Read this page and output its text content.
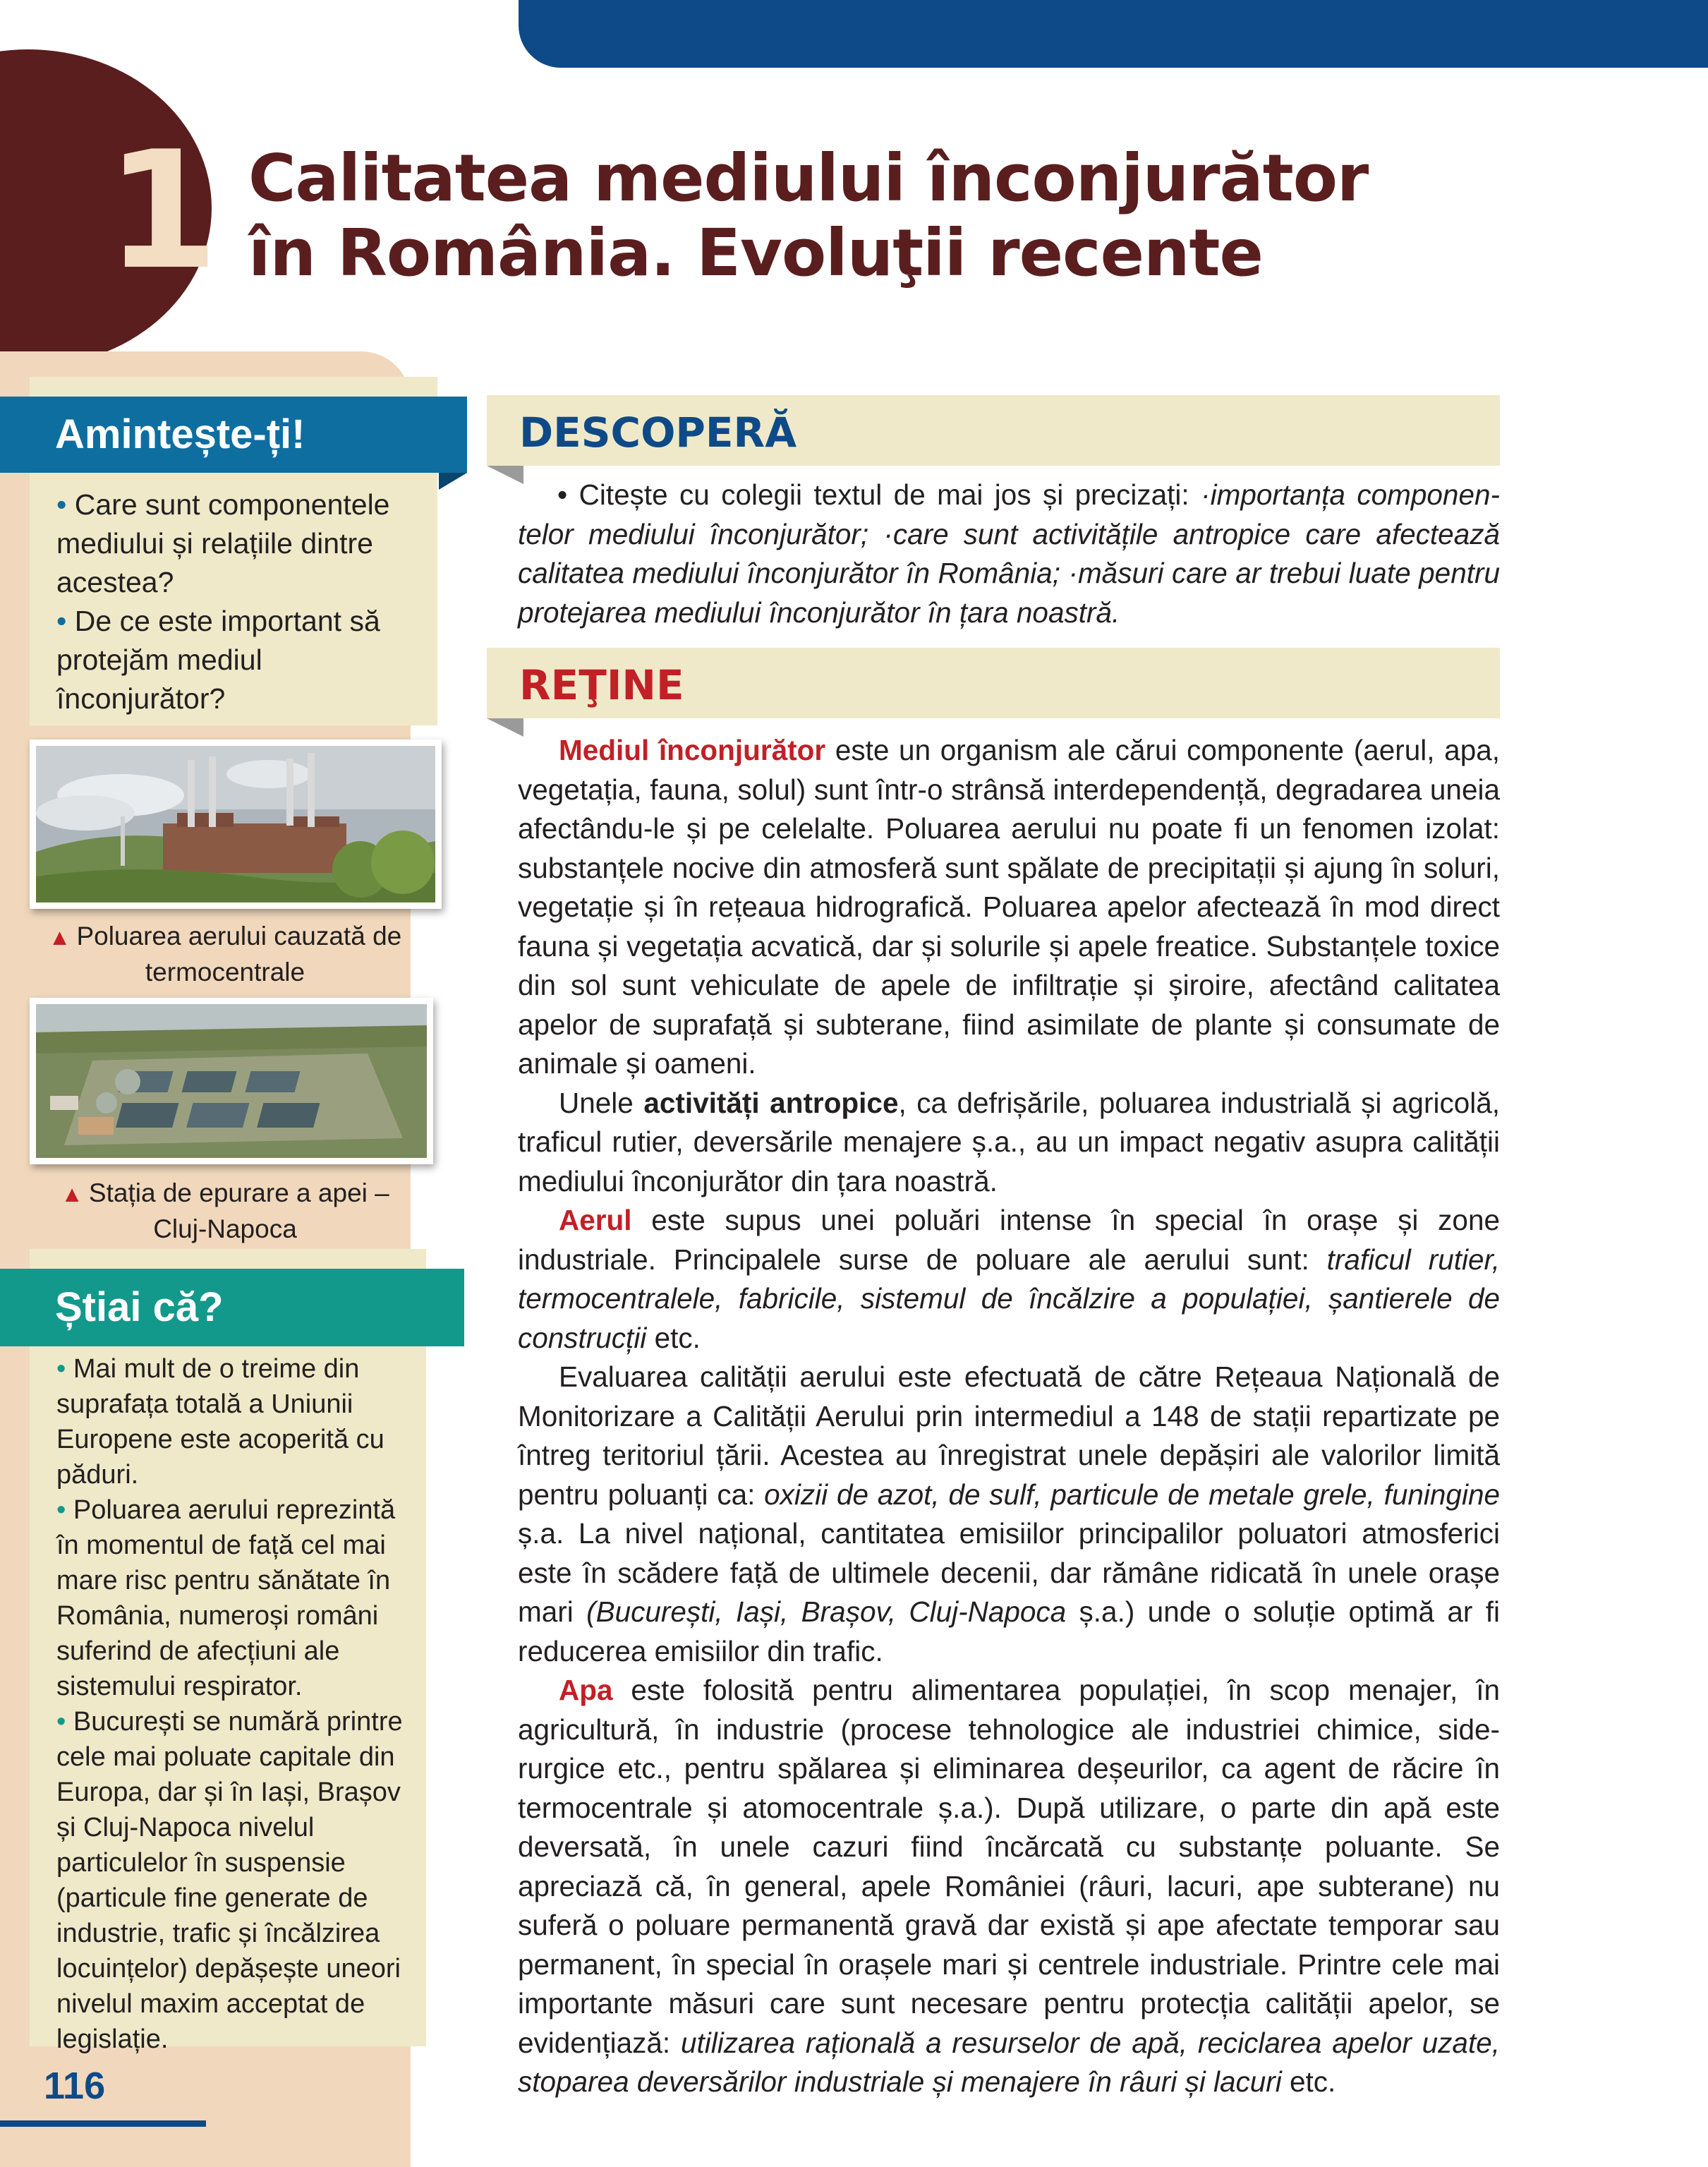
1 Calitatea mediului înconjurător
în România. Evoluţii recente
Amintește-ți!
• Care sunt componentele mediului și relațiile dintre acestea?
• De ce este important să protejăm mediul înconjurător?
▲ Poluarea aerului cauzată de termocentrale
▲ Stația de epurare a apei – Cluj-Napoca
Știai că?
• Mai mult de o treime din suprafața totală a Uniunii Europene este acoperită cu păduri.
• Poluarea aerului reprezintă în momentul de față cel mai mare risc pentru sănătate în România, numeroși români suferind de afecțiuni ale sistemului respirator.
• București se numără printre cele mai poluate capitale din Europa, dar și în Iași, Brașov și Cluj-Napoca nivelul particulelor în suspensie (particule fine generate de industrie, trafic și încălzirea locuințelor) depășește uneori nivelul maxim acceptat de legislație.
116
DESCOPERĂ

• Citește cu colegii textul de mai jos și precizați: ·importanța componentelor mediului înconjurător; ·care sunt activitățile antropice care afectează calitatea mediului înconjurător în România; ·măsuri care ar trebui luate pentru protejarea mediului înconjurător în țara noastră.

REŢINE

Mediul înconjurător este un organism ale cărui componente (aerul, apa, vegetația, fauna, solul) sunt într-o strânsă interdependență, degradarea uneia afectându-le și pe celelalte. Poluarea aerului nu poate fi un fenomen izolat: substanțele nocive din atmosferă sunt spălate de precipitații și ajung în soluri, vegetație și în rețeaua hidrografică. Poluarea apelor afectează în mod direct fauna și vegetația acvatică, dar și solurile și apele freatice. Substanțele toxice din sol sunt vehiculate de apele de infiltrație și șiroire, afectând calitatea apelor de suprafață și subterane, fiind asimilate de plante și consumate de animale și oameni.

Unele activități antropice, ca defrișările, poluarea industrială și agricolă, traficul rutier, deversările menajere ș.a., au un impact negativ asupra calității mediului înconjurător din țara noastră.

Aerul este supus unei poluări intense în special în orașe și zone industriale. Principalele surse de poluare ale aerului sunt: traficul rutier, termocentralele, fabricile, sistemul de încălzire a populației, șantierele de construcții etc.

Evaluarea calității aerului este efectuată de către Rețeaua Națională de Monitorizare a Calității Aerului prin intermediul a 148 de stații repartizate pe întreg teritoriul țării. Acestea au înregistrat unele depășiri ale valorilor limită pentru poluanți ca: oxizii de azot, de sulf, particule de metale grele, funingine ș.a. La nivel național, cantitatea emisiilor principalilor poluatori atmosferici este în scădere față de ultimele decenii, dar rămâne ridicată în unele orașe mari (București, Iași, Brașov, Cluj-Napoca ș.a.) unde o soluție optimă ar fi reducerea emisiilor din trafic.

Apa este folosită pentru alimentarea populației, în scop menajer, în agricultură, în industrie (procese tehnologice ale industriei chimice, siderurgice etc., pentru spălarea și eliminarea deșeurilor, ca agent de răcire în termocentrale și atomocentrale ș.a.). După utilizare, o parte din apă este deversată, în unele cazuri fiind încărcată cu substanțe poluante. Se apreciază că, în general, apele României (râuri, lacuri, ape subterane) nu suferă o poluare permanentă gravă dar există și ape afectate temporar sau permanent, în special în orașele mari și centrele industriale. Printre cele mai importante măsuri care sunt necesare pentru protecția calității apelor, se evidențiază: utilizarea rațională a resurselor de apă, reciclarea apelor uzate, stoparea deversărilor industriale și menajere în râuri și lacuri etc.
